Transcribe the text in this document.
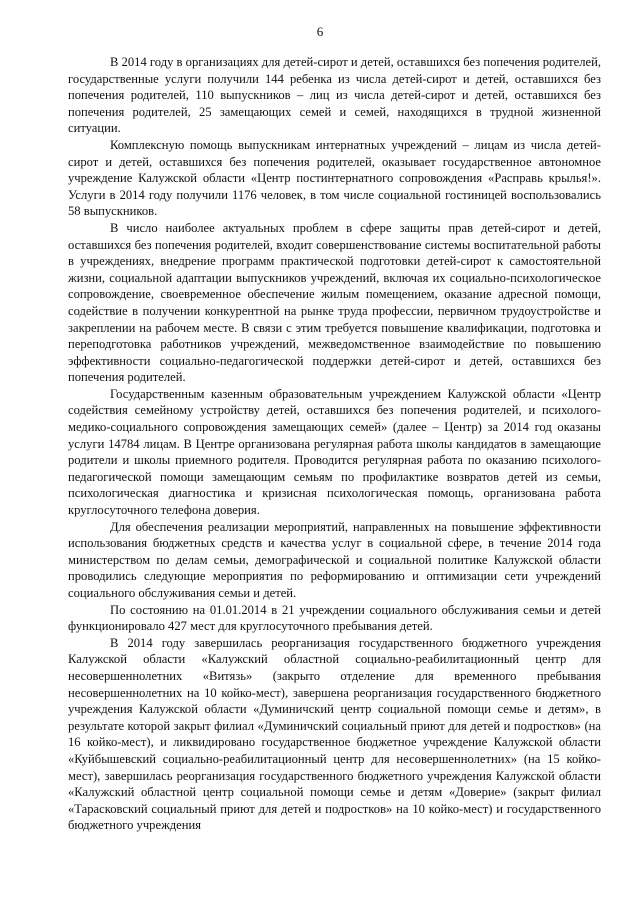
6

В 2014 году в организациях для детей-сирот и детей, оставшихся без попечения родителей, государственные услуги получили 144 ребенка из числа детей-сирот и детей, оставшихся без попечения родителей, 110 выпускников – лиц из числа детей-сирот и детей, оставшихся без попечения родителей, 25 замещающих семей и семей, находящихся в трудной жизненной ситуации.

Комплексную помощь выпускникам интернатных учреждений – лицам из числа детей-сирот и детей, оставшихся без попечения родителей, оказывает государственное автономное учреждение Калужской области «Центр постинтернатного сопровождения «Расправь крылья!». Услуги в 2014 году получили 1176 человек, в том числе социальной гостиницей воспользовались 58 выпускников.

В число наиболее актуальных проблем в сфере защиты прав детей-сирот и детей, оставшихся без попечения родителей, входит совершенствование системы воспитательной работы в учреждениях, внедрение программ практической подготовки детей-сирот к самостоятельной жизни, социальной адаптации выпускников учреждений, включая их социально-психологическое сопровождение, своевременное обеспечение жилым помещением, оказание адресной помощи, содействие в получении конкурентной на рынке труда профессии, первичном трудоустройстве и закреплении на рабочем месте. В связи с этим требуется повышение квалификации, подготовка и переподготовка работников учреждений, межведомственное взаимодействие по повышению эффективности социально-педагогической поддержки детей-сирот и детей, оставшихся без попечения родителей.

Государственным казенным образовательным учреждением Калужской области «Центр содействия семейному устройству детей, оставшихся без попечения родителей, и психолого-медико-социального сопровождения замещающих семей» (далее – Центр) за 2014 год оказаны услуги 14784 лицам. В Центре организована регулярная работа школы кандидатов в замещающие родители и школы приемного родителя. Проводится регулярная работа по оказанию психолого-педагогической помощи замещающим семьям по профилактике возвратов детей из семьи, психологическая диагностика и кризисная психологическая помощь, организована работа круглосуточного телефона доверия.

Для обеспечения реализации мероприятий, направленных на повышение эффективности использования бюджетных средств и качества услуг в социальной сфере, в течение 2014 года министерством по делам семьи, демографической и социальной политике Калужской области проводились следующие мероприятия по реформированию и оптимизации сети учреждений социального обслуживания семьи и детей.

По состоянию на 01.01.2014 в 21 учреждении социального обслуживания семьи и детей функционировало 427 мест для круглосуточного пребывания детей.

В 2014 году завершилась реорганизация государственного бюджетного учреждения Калужской области «Калужский областной социально-реабилитационный центр для несовершеннолетних «Витязь» (закрыто отделение для временного пребывания несовершеннолетних на 10 койко-мест), завершена реорганизация государственного бюджетного учреждения Калужской области «Думиничский центр социальной помощи семье и детям», в результате которой закрыт филиал «Думиничский социальный приют для детей и подростков» (на 16 койко-мест), и ликвидировано государственное бюджетное учреждение Калужской области «Куйбышевский социально-реабилитационный центр для несовершеннолетних» (на 15 койко-мест), завершилась реорганизация государственного бюджетного учреждения Калужской области «Калужский областной центр социальной помощи семье и детям «Доверие» (закрыт филиал «Тарасковский социальный приют для детей и подростков» на 10 койко-мест) и государственного бюджетного учреждения
